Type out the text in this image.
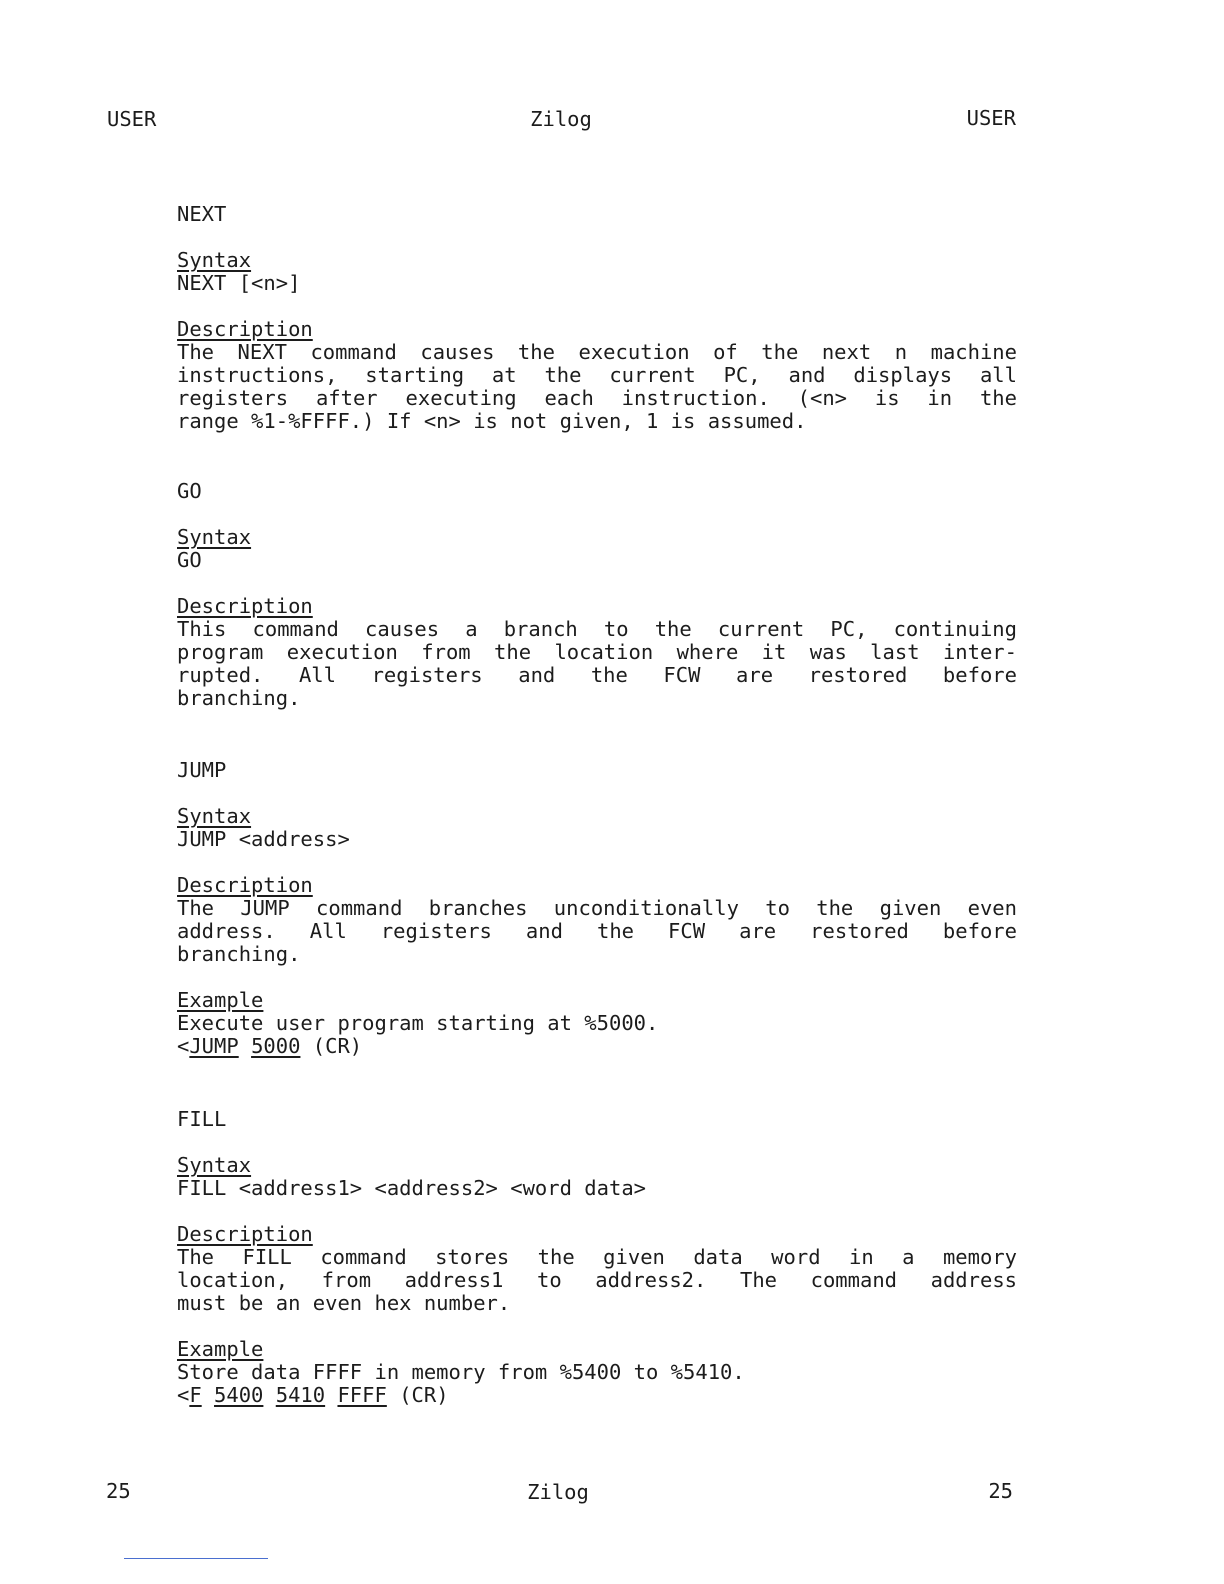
USER	Zilog	USER
NEXT
Syntax
NEXT [<n>]
Description
The NEXT command causes the execution of the next n machine
instructions, starting at the current PC, and displays all
registers after executing each instruction. (<n> is in the
range %1-%FFFF.) If <n> is not given, 1 is assumed.
GO
Syntax
GO
Description
This command causes a branch to the current PC, continuing
program execution from the location where it was last inter-
rupted. All registers and the FCW are restored before
branching.
JUMP
Syntax
JUMP <address>
Description
The JUMP command branches unconditionally to the given even
address. All registers and the FCW are restored before
branching.
Example
Execute user program starting at %5000.
<JUMP 5000 (CR)
FILL
Syntax
FILL <address1> <address2> <word data>
Description
The FILL command stores the given data word in a memory
location, from address1 to address2. The command address
must be an even hex number.
Example
Store data FFFF in memory from %5400 to %5410.
<F 5400 5410 FFFF (CR)
25	Zilog	25
